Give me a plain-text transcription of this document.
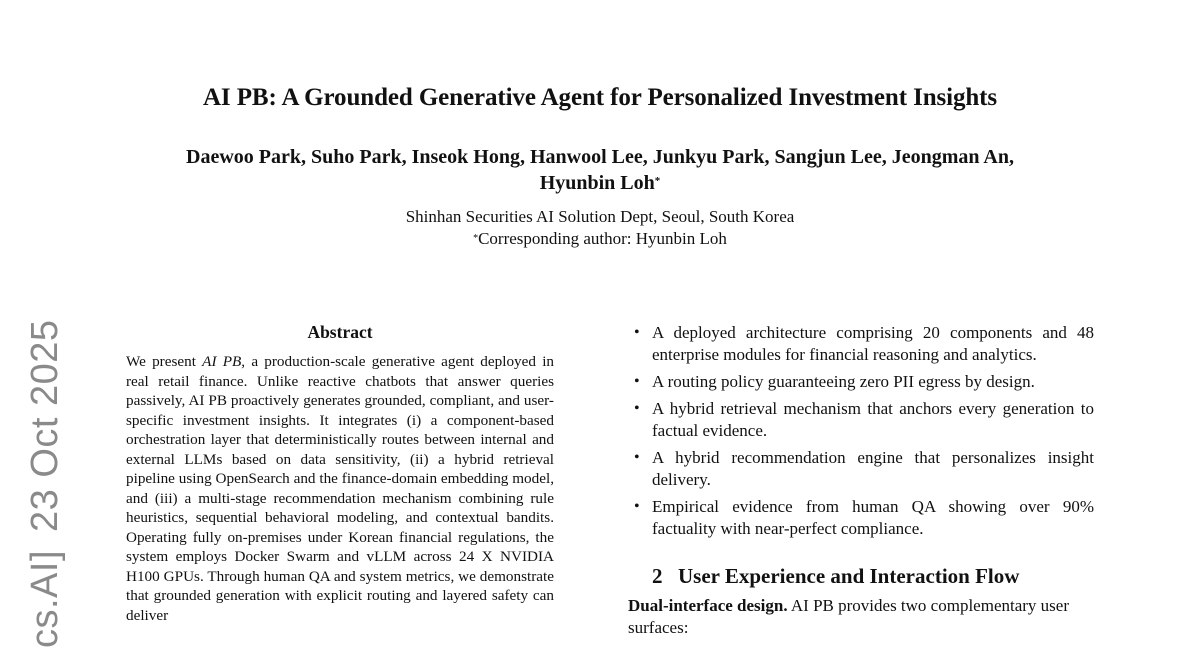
AI PB: A Grounded Generative Agent for Personalized Investment Insights
Daewoo Park, Suho Park, Inseok Hong, Hanwool Lee, Junkyu Park, Sangjun Lee, Jeongman An,
Hyunbin Loh*
Shinhan Securities AI Solution Dept, Seoul, South Korea
*Corresponding author: Hyunbin Loh
cs.AI]23 Oct 2025	Abstract

We present AI PB, a production-scale generative agent deployed in real retail finance. Unlike reactive chatbots that answer queries passively, AI PB proactively generates grounded, compliant, and user-specific investment insights. It integrates (i) a component-based orchestration layer that deterministically routes between internal and external LLMs based on data sensitivity, (ii) a hybrid retrieval pipeline using OpenSearch and the finance-domain embedding model, and (iii) a multi-stage recommendation mechanism combining rule heuristics, sequential behavioral modeling, and contextual bandits. Operating fully on-premises under Korean financial regulations, the system employs Docker Swarm and vLLM across 24 X NVIDIA H100 GPUs. Through human QA and system metrics, we demonstrate that grounded generation with explicit routing and layered safety can deliver

• A deployed architecture comprising 20 components and 48 enterprise modules for financial reasoning and analytics.
• A routing policy guaranteeing zero PII egress by design.
• A hybrid retrieval mechanism that anchors every generation to factual evidence.
• A hybrid recommendation engine that personalizes insight delivery.
• Empirical evidence from human QA showing over 90% factuality with near-perfect compliance.
2 User Experience and Interaction Flow
Dual-interface design. AI PB provides two complementary user surfaces:
